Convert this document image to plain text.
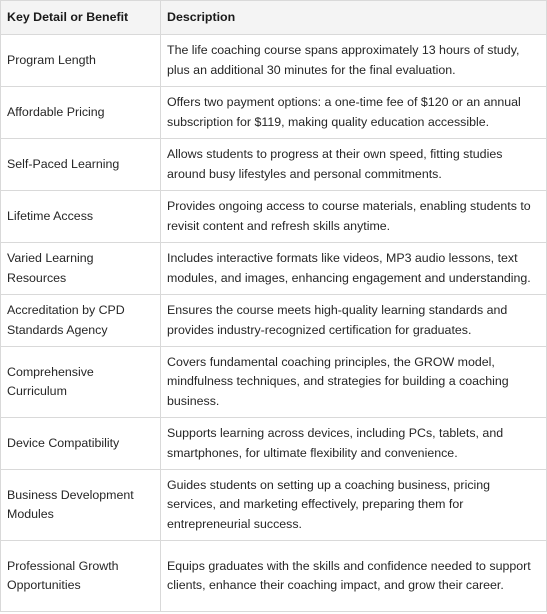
Key Detail or Benefit	Description
Program Length	The life coaching course spans approximately 13 hours of study, plus an additional 30 minutes for the final evaluation.
Affordable Pricing	Offers two payment options: a one-time fee of $120 or an annual subscription for $119, making quality education accessible.
Self-Paced Learning	Allows students to progress at their own speed, fitting studies around busy lifestyles and personal commitments.
Lifetime Access	Provides ongoing access to course materials, enabling students to revisit content and refresh skills anytime.
Varied Learning Resources	Includes interactive formats like videos, MP3 audio lessons, text modules, and images, enhancing engagement and understanding.
Accreditation by CPD Standards Agency	Ensures the course meets high-quality learning standards and provides industry-recognized certification for graduates.
Comprehensive Curriculum	Covers fundamental coaching principles, the GROW model, mindfulness techniques, and strategies for building a coaching business.
Device Compatibility	Supports learning across devices, including PCs, tablets, and smartphones, for ultimate flexibility and convenience.
Business Development Modules	Guides students on setting up a coaching business, pricing services, and marketing effectively, preparing them for entrepreneurial success.
Professional Growth Opportunities	Equips graduates with the skills and confidence needed to support clients, enhance their coaching impact, and grow their career.
